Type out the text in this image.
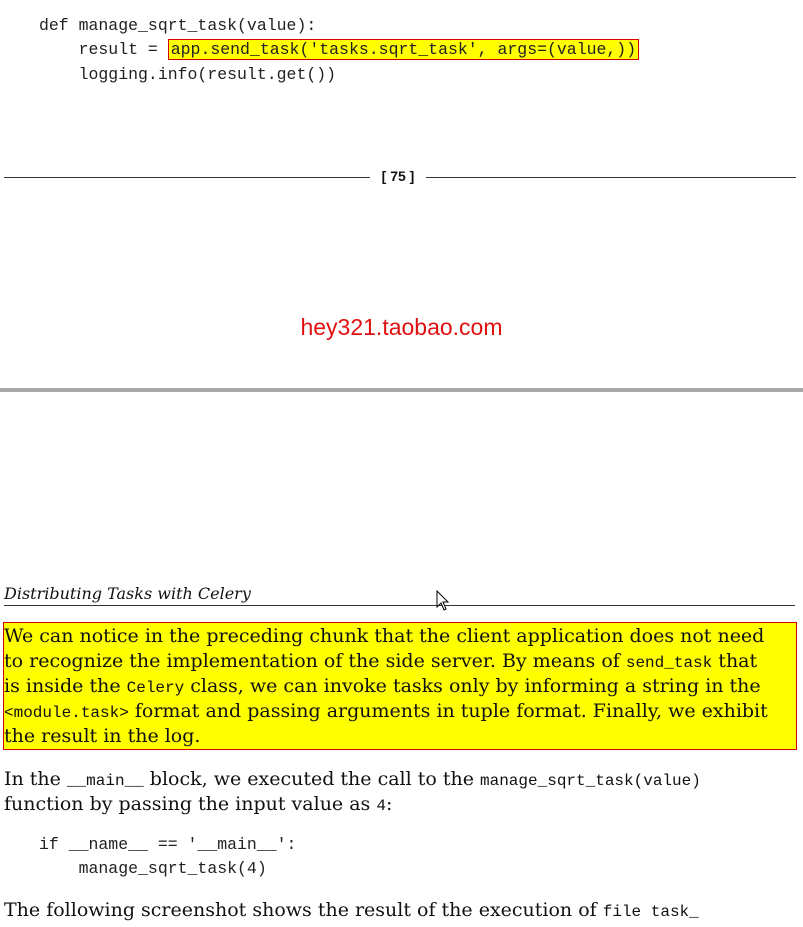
def manage_sqrt_task(value):
result = app.send_task('tasks.sqrt_task', args=(value,))
logging.info(result.get())
[ 75 ]
hey321.taobao.com
Distributing Tasks with Celery
We can notice in the preceding chunk that the client application does not need
to recognize the implementation of the side server. By means of send_task that
is inside the Celery class, we can invoke tasks only by informing a string in the
<module.task> format and passing arguments in tuple format. Finally, we exhibit
the result in the log.
In the __main__ block, we executed the call to the manage_sqrt_task(value)
function by passing the input value as 4:
if __name__ == '__main__':
manage_sqrt_task(4)
The following screenshot shows the result of the execution of file task_
